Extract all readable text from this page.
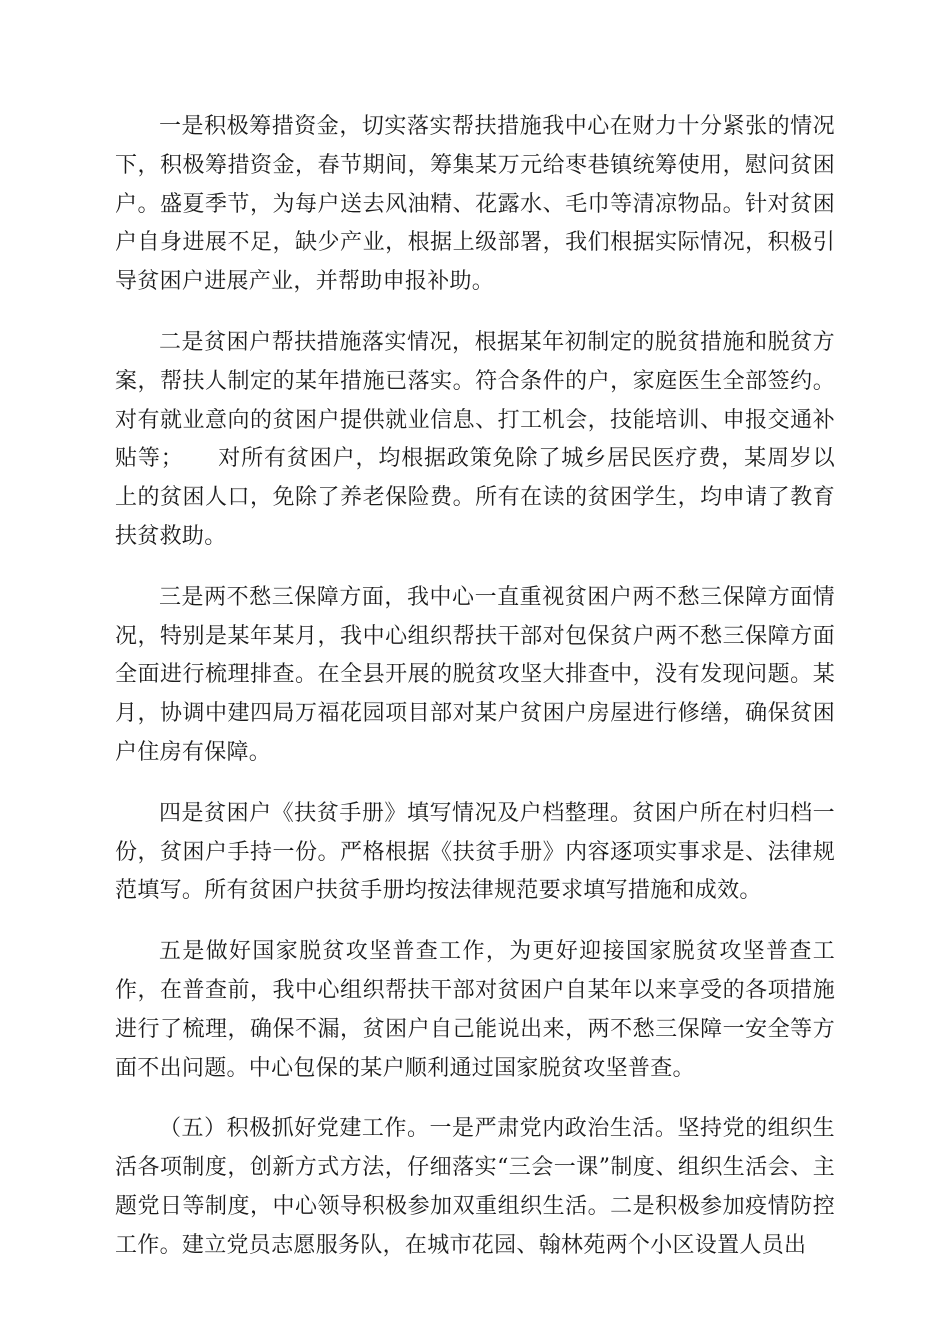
一是积极筹措资金，切实落实帮扶措施我中心在财力十分紧张的情况下，积极筹措资金，春节期间，筹集某万元给枣巷镇统筹使用，慰问贫困户。盛夏季节，为每户送去风油精、花露水、毛巾等清凉物品。针对贫困户自身进展不足，缺少产业，根据上级部署，我们根据实际情况，积极引导贫困户进展产业，并帮助申报补助。

二是贫困户帮扶措施落实情况，根据某年初制定的脱贫措施和脱贫方案，帮扶人制定的某年措施已落实。符合条件的户，家庭医生全部签约。对有就业意向的贫困户提供就业信息、打工机会，技能培训、申报交通补贴等；　　对所有贫困户，均根据政策免除了城乡居民医疗费，某周岁以上的贫困人口，免除了养老保险费。所有在读的贫困学生，均申请了教育扶贫救助。

三是两不愁三保障方面，我中心一直重视贫困户两不愁三保障方面情况，特别是某年某月，我中心组织帮扶干部对包保贫户两不愁三保障方面全面进行梳理排查。在全县开展的脱贫攻坚大排查中，没有发现问题。某月，协调中建四局万福花园项目部对某户贫困户房屋进行修缮，确保贫困户住房有保障。

四是贫困户《扶贫手册》填写情况及户档整理。贫困户所在村归档一份，贫困户手持一份。严格根据《扶贫手册》内容逐项实事求是、法律规范填写。所有贫困户扶贫手册均按法律规范要求填写措施和成效。

五是做好国家脱贫攻坚普查工作，为更好迎接国家脱贫攻坚普查工作，在普查前，我中心组织帮扶干部对贫困户自某年以来享受的各项措施进行了梳理，确保不漏，贫困户自己能说出来，两不愁三保障一安全等方面不出问题。中心包保的某户顺利通过国家脱贫攻坚普查。

（五）积极抓好党建工作。一是严肃党内政治生活。坚持党的组织生活各项制度，创新方式方法，仔细落实“三会一课”制度、组织生活会、主题党日等制度，中心领导积极参加双重组织生活。二是积极参加疫情防控工作。建立党员志愿服务队，在城市花园、翰林苑两个小区设置人员出
